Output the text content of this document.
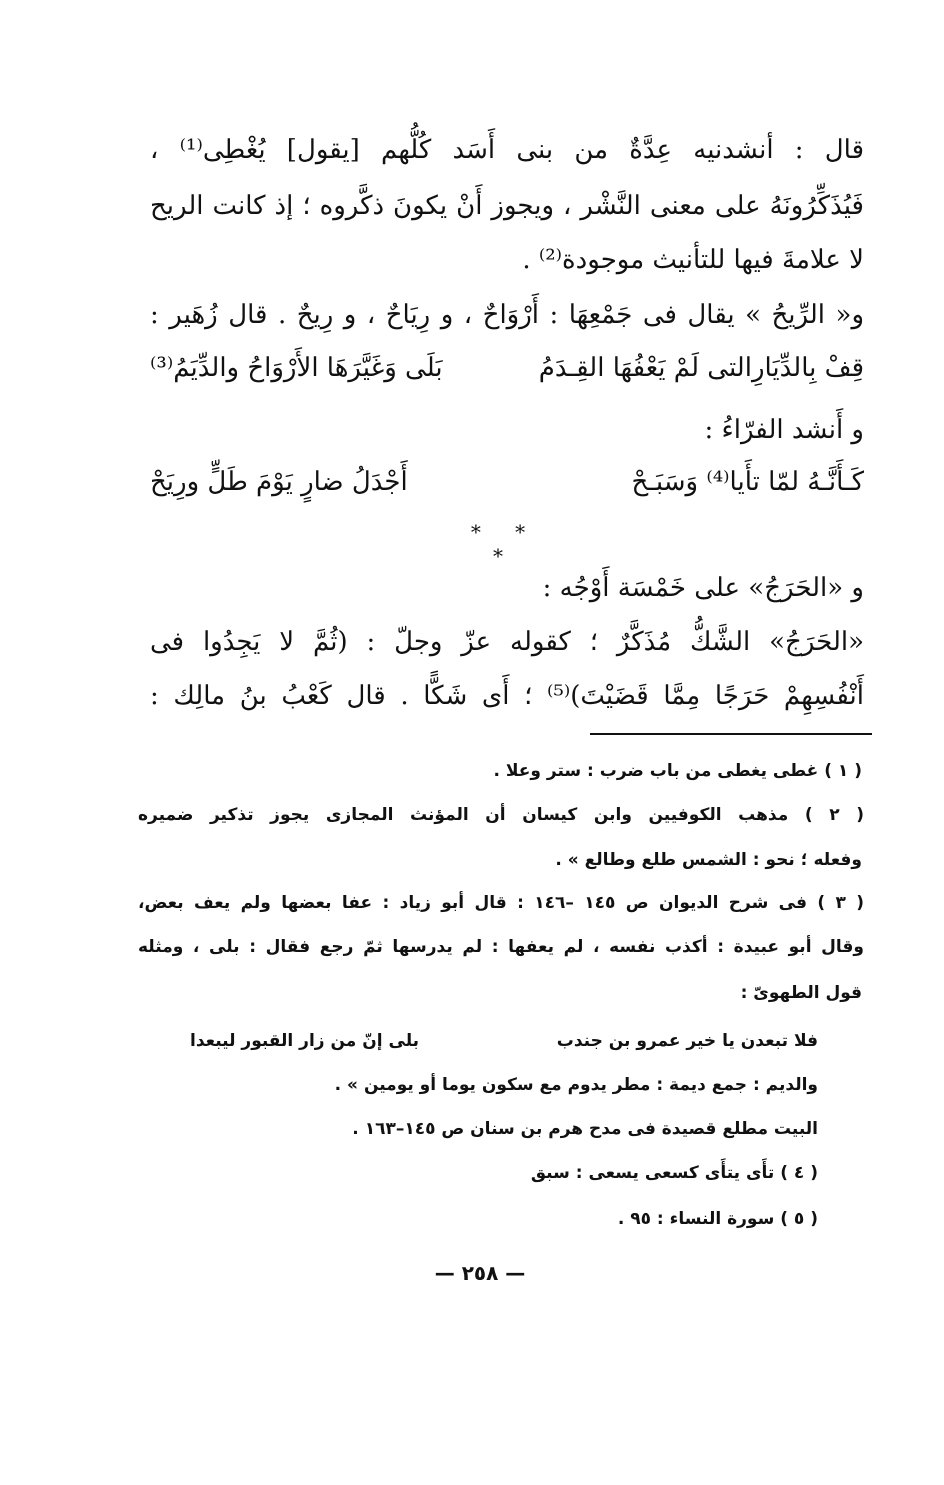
قال : أنشدنيه عِدَّةٌ من بنى أَسَد كُلُّهم [يقول] يُغْطِى⁽¹⁾ ،
فَيُذَكِّرُونَهُ على معنى النَّشْر ، ويجوز أَنْ يكونَ ذكَّروه ؛ إذ كانت الريح
لا علامةَ فيها للتأنيث موجودة⁽²⁾ .
و« الرِّيحُ » يقال فى جَمْعِهَا : أَرْوَاحٌ ، و رِيَاحٌ ، و رِيحٌ . قال زُهَير :
قِفْ بِالدِّيَارِالتى لَمْ يَعْفُهَا القِـدَمُ
بَلَى وَغَيَّرَهَا الأَرْوَاحُ والدِّيَمُ⁽³⁾
و أَنشد الفرّاءُ :
كَـأَنَّـهُ لمّا تأَيا⁽⁴⁾ وَسَبَـحْ
أَجْدَلُ ضارٍ يَوْمَ طَلٍّ ورِيَحْ
* * *
و «الحَرَجُ» على خَمْسَة أَوْجُه :
«الحَرَجُ» الشَّكُّ مُذَكَّرٌ ؛ كقوله عزّ وجلّ : (ثُمَّ لا يَجِدُوا فى
أَنْفُسِهِمْ حَرَجًا مِمَّا قَضَيْتَ)⁽⁵⁾ ؛ أَى شَكًّا . قال كَعْبُ بنُ مالِك :
( ١ ) غطى يغطى من باب ضرب : ستر وعلا .
( ٢ ) مذهب الكوفيين وابن كيسان أن المؤنث المجازى يجوز تذكير ضميره
وفعله ؛ نحو : الشمس طلع وطالع » .
( ٣ ) فى شرح الديوان ص ١٤٥ –١٤٦ : قال أبو زياد : عفا بعضها ولم يعف بعض،
وقال أبو عبيدة : أكذب نفسه ، لم يعفها : لم يدرسها ثمّ رجع فقال : بلى ، ومثله
قول الطهوىّ :
فلا تبعدن يا خير عمرو بن جندب
بلى إنّ من زار القبور ليبعدا
والديم : جمع ديمة : مطر يدوم مع سكون يوما أو يومين » .
البيت مطلع قصيدة فى مدح هرم بن سنان ص ١٤٥–١٦٣ .
( ٤ ) تأَى يتأَى كسعى يسعى : سبق
( ٥ ) سورة النساء : ٩٥ .
— ٢٥٨ —
